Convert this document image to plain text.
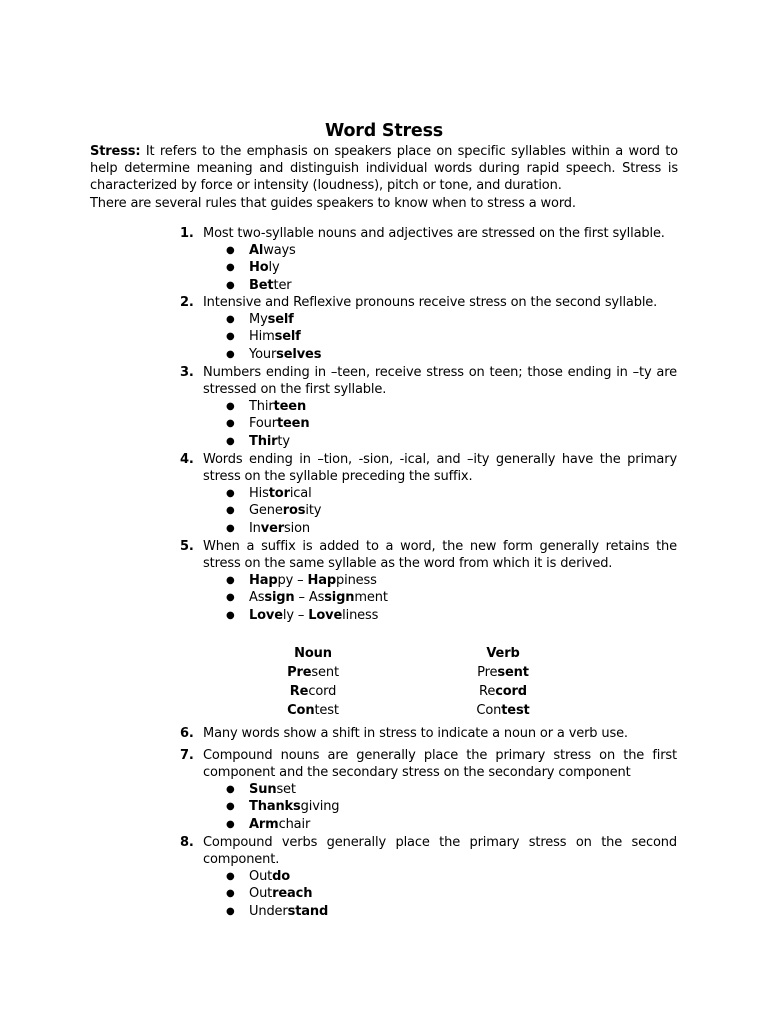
Word Stress

Stress: It refers to the emphasis on speakers place on specific syllables within a word to help determine meaning and distinguish individual words during rapid speech. Stress is characterized by force or intensity (loudness), pitch or tone, and duration.

There are several rules that guides speakers to know when to stress a word.

1. Most two-syllable nouns and adjectives are stressed on the first syllable.
● Always
● Holy
● Better
2. Intensive and Reflexive pronouns receive stress on the second syllable.
● Myself
● Himself
● Yourselves
3. Numbers ending in –teen, receive stress on teen; those ending in –ty are stressed on the first syllable.
● Thirteen
● Fourteen
● Thirty
4. Words ending in –tion, -sion, -ical, and –ity generally have the primary stress on the syllable preceding the suffix.
● Historical
● Generosity
● Inversion
5. When a suffix is added to a word, the new form generally retains the stress on the same syllable as the word from which it is derived.
● Happy – Happiness
● Assign – Assignment
● Lovely – Loveliness
6. Many words show a shift in stress to indicate a noun or a verb use.
7. Compound nouns are generally place the primary stress on the first component and the secondary stress on the secondary component
● Sunset
● Thanksgiving
● Armchair
8. Compound verbs generally place the primary stress on the second component.
● Outdo
● Outreach
● Understand
Noun
Present
Record
Contest
Verb
Present
Record
Contest
